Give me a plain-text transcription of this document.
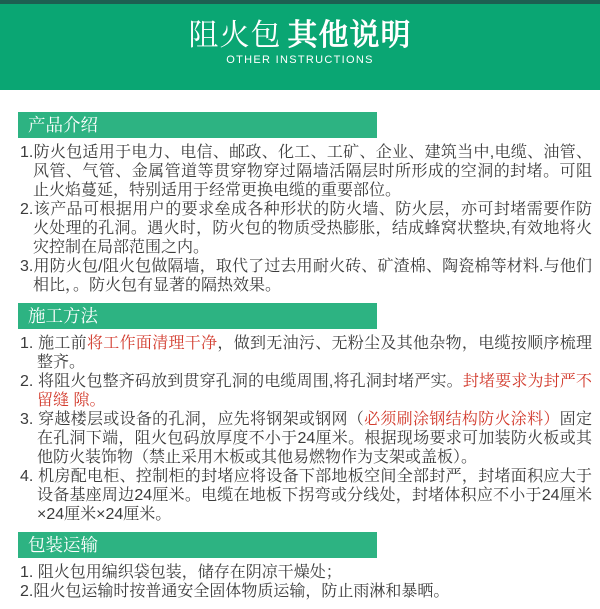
阻火包 其他说明
OTHER INSTRUCTIONS
产品介绍

1.防火包适用于电力、电信、邮政、化工、工矿、企业、建筑当中,电缆、油管、风管、气管、金属管道等贯穿物穿过隔墙活隔层时所形成的空洞的封堵。可阻止火焰蔓延，特别适用于经常更换电缆的重要部位。

2.该产品可根据用户的要求垒成各种形状的防火墙、防火层，亦可封堵需要作防火处理的孔洞。遇火时，防火包的物质受热膨胀，结成蜂窝状整块,有效地将火灾控制在局部范围之内。

3.用防火包/阻火包做隔墙，取代了过去用耐火砖、矿渣棉、陶瓷棉等材料.与他们相比，。防火包有显著的隔热效果。

施工方法

1. 施工前将工作面清理干净，做到无油污、无粉尘及其他杂物，电缆按顺序梳理整齐。

2. 将阻火包整齐码放到贯穿孔洞的电缆周围,将孔洞封堵严实。封堵要求为封严不留缝 隙。

3. 穿越楼层或设备的孔洞，应先将钢架或钢网（必须刷涂钢结构防火涂料）固定在孔洞下端，阻火包码放厚度不小于24厘米。根据现场要求可加装防火板或其他防火装饰物（禁止采用木板或其他易燃物作为支架或盖板）。

4. 机房配电柜、控制柜的封堵应将设备下部地板空间全部封严，封堵面积应大于设备基座周边24厘米。电缆在地板下拐弯或分线处，封堵体积应不小于24厘米×24厘米×24厘米。

包装运输

1. 阻火包用编织袋包装，储存在阴凉干燥处；

2.阻火包运输时按普通安全固体物质运输，防止雨淋和暴晒。
